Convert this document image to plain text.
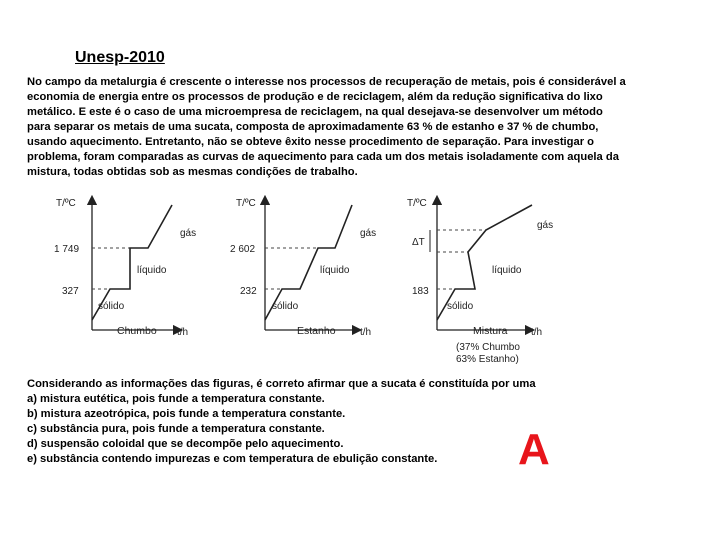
Unesp-2010
No campo da metalurgia é crescente o interesse nos processos de recuperação de metais, pois é considerável a
economia de energia entre os processos de produção e de reciclagem, além da redução significativa do lixo
metálico. E este é o caso de uma microempresa de reciclagem, na qual desejava-se desenvolver um método
para separar os metais de uma sucata, composta de aproximadamente 63 % de estanho e 37 % de chumbo,
usando aquecimento. Entretanto, não se obteve êxito nesse procedimento de separação. Para investigar o
problema, foram comparadas as curvas de aquecimento para cada um dos metais isoladamente com aquela da
mistura, todas obtidas sob as mesmas condições de trabalho.
T/ºC
t/h
Chumbo
1 749
327
sólido
líquido
gás
T/ºC
t/h
Estanho
2 602
232
sólido
líquido
gás
T/ºC
t/h
Mistura
ΔT
183
sólido
líquido
gás
(37% Chumbo
63% Estanho)
Considerando as informações das figuras, é correto afirmar que a sucata é constituída por uma
a) mistura eutética, pois funde a temperatura constante.
b) mistura azeotrópica, pois funde a temperatura constante.
c) substância pura, pois funde a temperatura constante.
d) suspensão coloidal que se decompõe pelo aquecimento.
e) substância contendo impurezas e com temperatura de ebulição constante.	A
